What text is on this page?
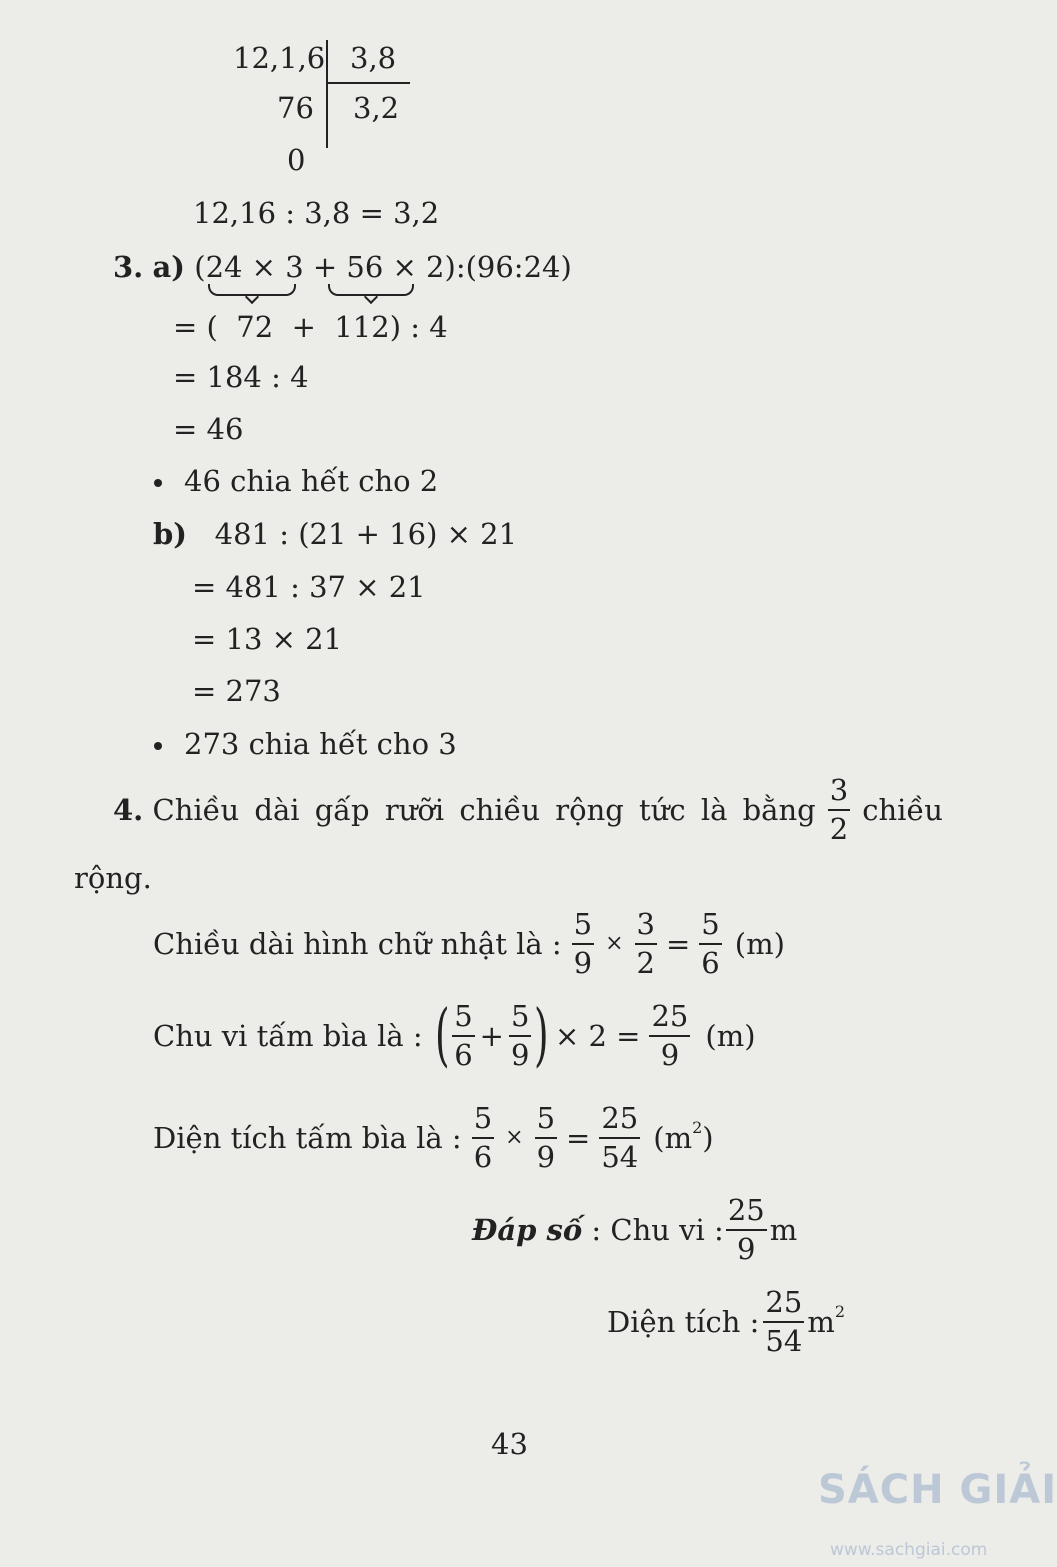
12,1,6 3,8
76 3,2
0
12,16 : 3,8 = 3,2
3.
a)
( 24 × 3
+
56 × 2 ):(96:24)
= (  72  +  112) : 4
= 184 : 4
= 46
46 chia hết cho 2
b) 481 : (21 + 16) × 21
= 481 : 37 × 21
= 13 × 21
= 273
273 chia hết cho 3
4. Chiều dài gấp rưỡi chiều rộng tức là bằng $\frac{3}{2}$ chiều
rộng.
Chiều dài hình chữ nhật là : $\frac{5}{9} \times \frac{3}{2} = \frac{5}{6} (m)$
Chu vi tấm bìa là : ( $\frac{5}{6} + \frac{5}{9}$ ) × $2 = \frac{25}{9} (m)$
Diện tích tấm bìa là : $\frac{5}{6} \times \frac{5}{9} = \frac{25}{54} (m^2)$
Đáp số
: Chu vi : $\frac{25}{9}$ m
Diện tích : $\frac{25}{54} m^2$
43
SÁCH GIẢI
www.sachgiai.com
